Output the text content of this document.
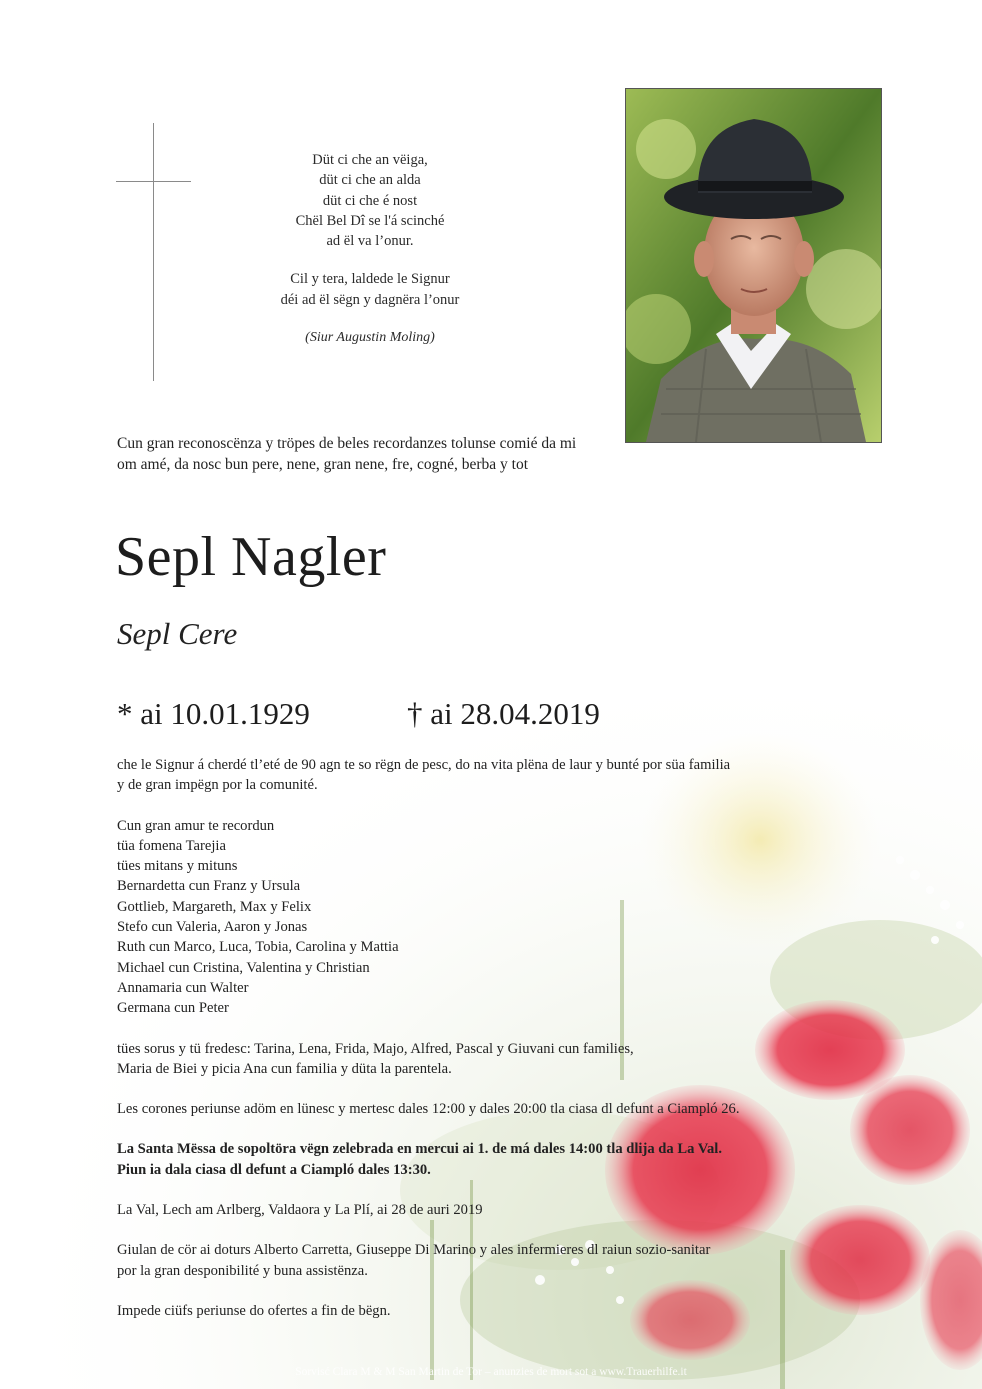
Düt ci che an vëiga,
düt ci che an alda
düt ci che é nost
Chël Bel Dî se l'á scinché
ad ël va l’onur.
Cil y tera, laldede le Signur
déi ad ël sëgn y dagnëra l’onur
(Siur Augustin Moling)
Cun gran reconoscënza y tröpes de beles recordanzes tolunse comié da mi om amé, da nosc bun pere, nene, gran nene, fre, cogné, berba y tot
Sepl Nagler
Sepl Cere
* ai 10.01.1929	† ai 28.04.2019

che le Signur á cherdé tl’eté de 90 agn te so rëgn de pesc, do na vita plëna de laur y bunté por süa familia
y de gran impëgn por la comunité.

Cun gran amur te recordun
tüa fomena Tarejia
tües mitans y mituns
Bernardetta cun Franz y Ursula
Gottlieb, Margareth, Max y Felix
Stefo cun Valeria, Aaron y Jonas
Ruth cun Marco, Luca, Tobia, Carolina y Mattia
Michael cun Cristina, Valentina y Christian
Annamaria cun Walter
Germana cun Peter

tües sorus y tü fredesc: Tarina, Lena, Frida, Majo, Alfred, Pascal y Giuvani cun families,
Maria de Biei y picia Ana cun familia y düta la parentela.

Les corones periunse adöm en lünesc y mertesc dales 12:00 y dales 20:00 tla ciasa dl defunt a Ciampló 26.

La Santa Mëssa de sopoltöra vëgn zelebrada en mercui ai 1. de má dales 14:00 tla dlija da La Val.
Piun ia dala ciasa dl defunt a Ciampló dales 13:30.

La Val, Lech am Arlberg, Valdaora y La Plí, ai 28 de auri 2019

Giulan de cör ai doturs Alberto Carretta, Giuseppe Di Marino y ales infermieres dl raiun sozio-sanitar
por la gran desponibilité y buna assistënza.

Impede ciüfs periunse do ofertes a fin de bëgn.

Sorvisć Clara M & M San Martin de Tor – anunzies de mort sot a www.Trauerhilfe.it
